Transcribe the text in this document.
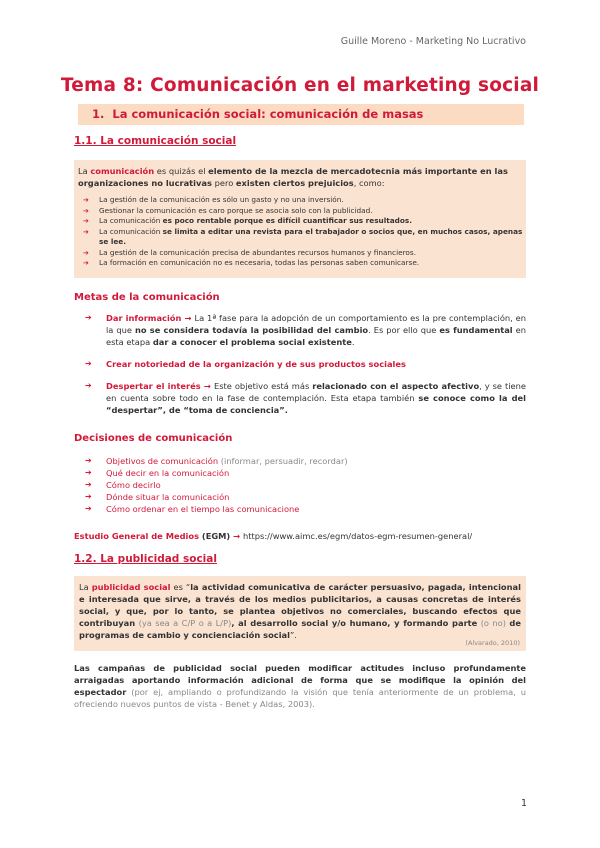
Guille Moreno - Marketing No Lucrativo
Tema 8: Comunicación en el marketing social
1. La comunicación social: comunicación de masas
1.1. La comunicación social
La comunicación es quizás el elemento de la mezcla de mercadotecnia más importante en las organizaciones no lucrativas pero existen ciertos prejuicios, como:
➔ La gestión de la comunicación es sólo un gasto y no una inversión.
➔ Gestionar la comunicación es caro porque se asocia solo con la publicidad.
➔ La comunicación es poco rentable porque es difícil cuantificar sus resultados.
➔ La comunicación se limita a editar una revista para el trabajador o socios que, en muchos casos, apenas se lee.
➔ La gestión de la comunicación precisa de abundantes recursos humanos y financieros.
➔ La formación en comunicación no es necesaria, todas las personas saben comunicarse.
Metas de la comunicación
➔ Dar información → La 1ª fase para la adopción de un comportamiento es la pre contemplación, en la que no se considera todavía la posibilidad del cambio. Es por ello que es fundamental en esta etapa dar a conocer el problema social existente.
➔ Crear notoriedad de la organización y de sus productos sociales
➔ Despertar el interés → Este objetivo está más relacionado con el aspecto afectivo, y se tiene en cuenta sobre todo en la fase de contemplación. Esta etapa también se conoce como la del “despertar”, de “toma de conciencia”.
Decisiones de comunicación
➔ Objetivos de comunicación (informar, persuadir, recordar)
➔ Qué decir en la comunicación
➔ Cómo decirlo
➔ Dónde situar la comunicación
➔ Cómo ordenar en el tiempo las comunicacione
Estudio General de Medios (EGM) → https://www.aimc.es/egm/datos-egm-resumen-general/
1.2. La publicidad social
La publicidad social es “la actividad comunicativa de carácter persuasivo, pagada, intencional e interesada que sirve, a través de los medios publicitarios, a causas concretas de interés social, y que, por lo tanto, se plantea objetivos no comerciales, buscando efectos que contribuyan (ya sea a C/P o a L/P), al desarrollo social y/o humano, y formando parte (o no) de programas de cambio y concienciación social”.
(Alvarado, 2010)
Las campañas de publicidad social pueden modificar actitudes incluso profundamente arraigadas aportando información adicional de forma que se modifique la opinión del espectador (por ej, ampliando o profundizando la visión que tenía anteriormente de un problema, u ofreciendo nuevos puntos de vista - Benet y Aldas, 2003).
1
